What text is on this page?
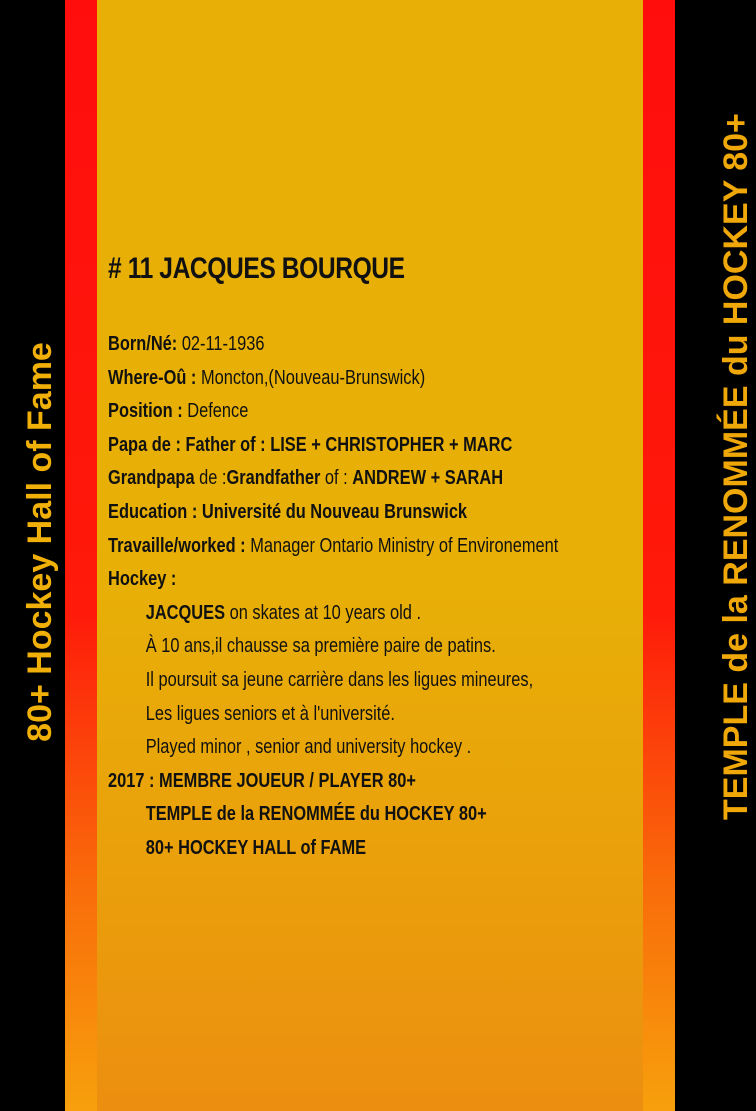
80+ Hockey Hall of Fame	TEMPLE de la RENOMMÉE du HOCKEY 80+
# 11 JACQUES BOURQUE
Born/Né: 02-11-1936
Where-Oû : Moncton,(Nouveau-Brunswick)
Position : Defence
Papa de : Father of : LISE + CHRISTOPHER + MARC
Grandpapa de :Grandfather of : ANDREW + SARAH
Education : Université du Nouveau Brunswick
Travaille/worked : Manager Ontario Ministry of Environement
Hockey :
JACQUES on skates at 10 years old .
À 10 ans,il chausse sa première paire de patins.
Il poursuit sa jeune carrière dans les ligues mineures,
Les ligues seniors et à l'université.
Played minor , senior and university hockey .
2017 : MEMBRE JOUEUR / PLAYER 80+
TEMPLE de la RENOMMÉE du HOCKEY 80+
80+ HOCKEY HALL of FAME
